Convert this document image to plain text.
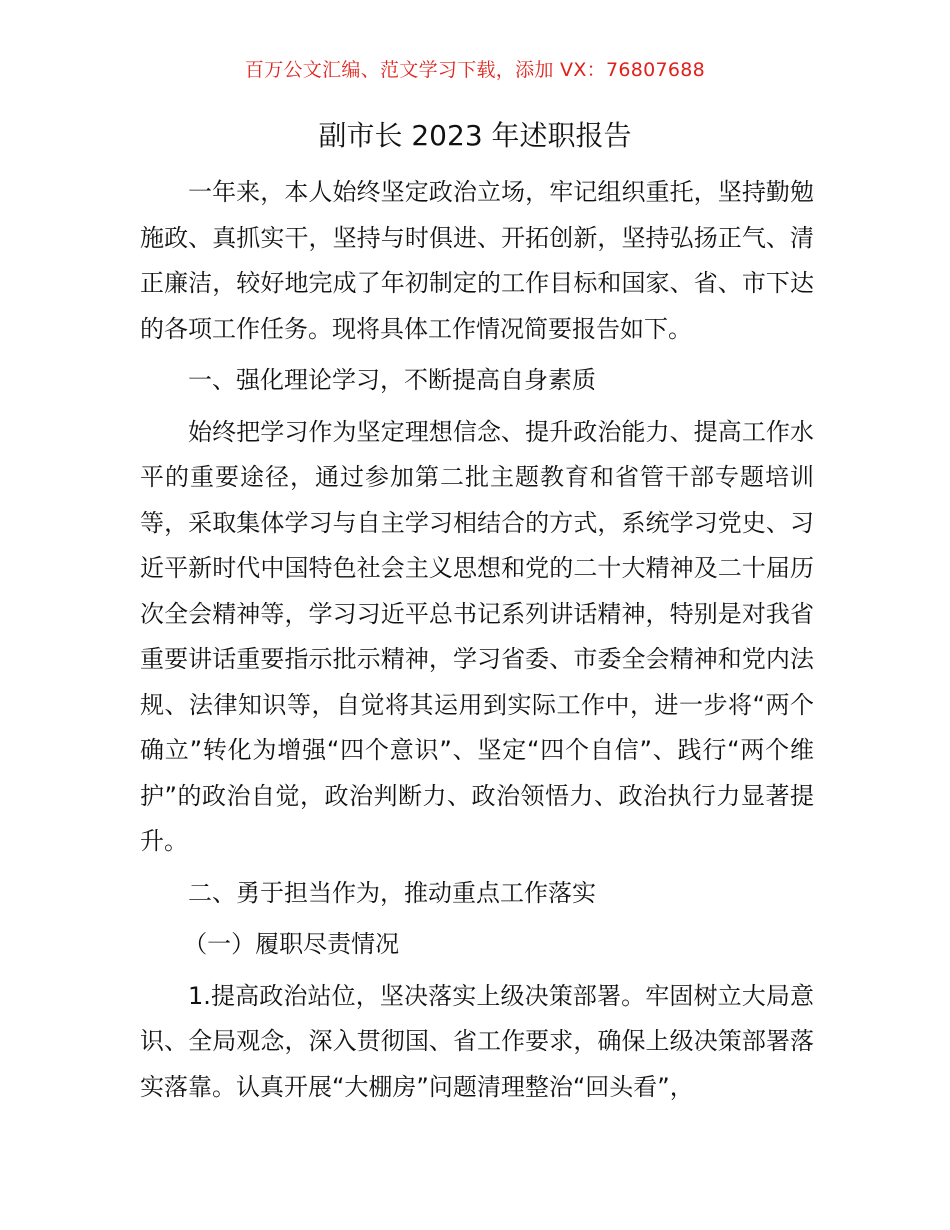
百万公文汇编、范文学习下载，添加 VX：76807688
副市长 2023 年述职报告

一年来，本人始终坚定政治立场，牢记组织重托，坚持勤勉施政、真抓实干，坚持与时俱进、开拓创新，坚持弘扬正气、清正廉洁，较好地完成了年初制定的工作目标和国家、省、市下达的各项工作任务。现将具体工作情况简要报告如下。

一、强化理论学习，不断提高自身素质

始终把学习作为坚定理想信念、提升政治能力、提高工作水平的重要途径，通过参加第二批主题教育和省管干部专题培训等，采取集体学习与自主学习相结合的方式，系统学习党史、习近平新时代中国特色社会主义思想和党的二十大精神及二十届历次全会精神等，学习习近平总书记系列讲话精神，特别是对我省重要讲话重要指示批示精神，学习省委、市委全会精神和党内法规、法律知识等，自觉将其运用到实际工作中，进一步将“两个确立”转化为增强“四个意识”、坚定“四个自信”、践行“两个维护”的政治自觉，政治判断力、政治领悟力、政治执行力显著提升。

二、勇于担当作为，推动重点工作落实

（一）履职尽责情况

1.提高政治站位，坚决落实上级决策部署。牢固树立大局意识、全局观念，深入贯彻国、省工作要求，确保上级决策部署落实落靠。认真开展“大棚房”问题清理整治“回头看”，
